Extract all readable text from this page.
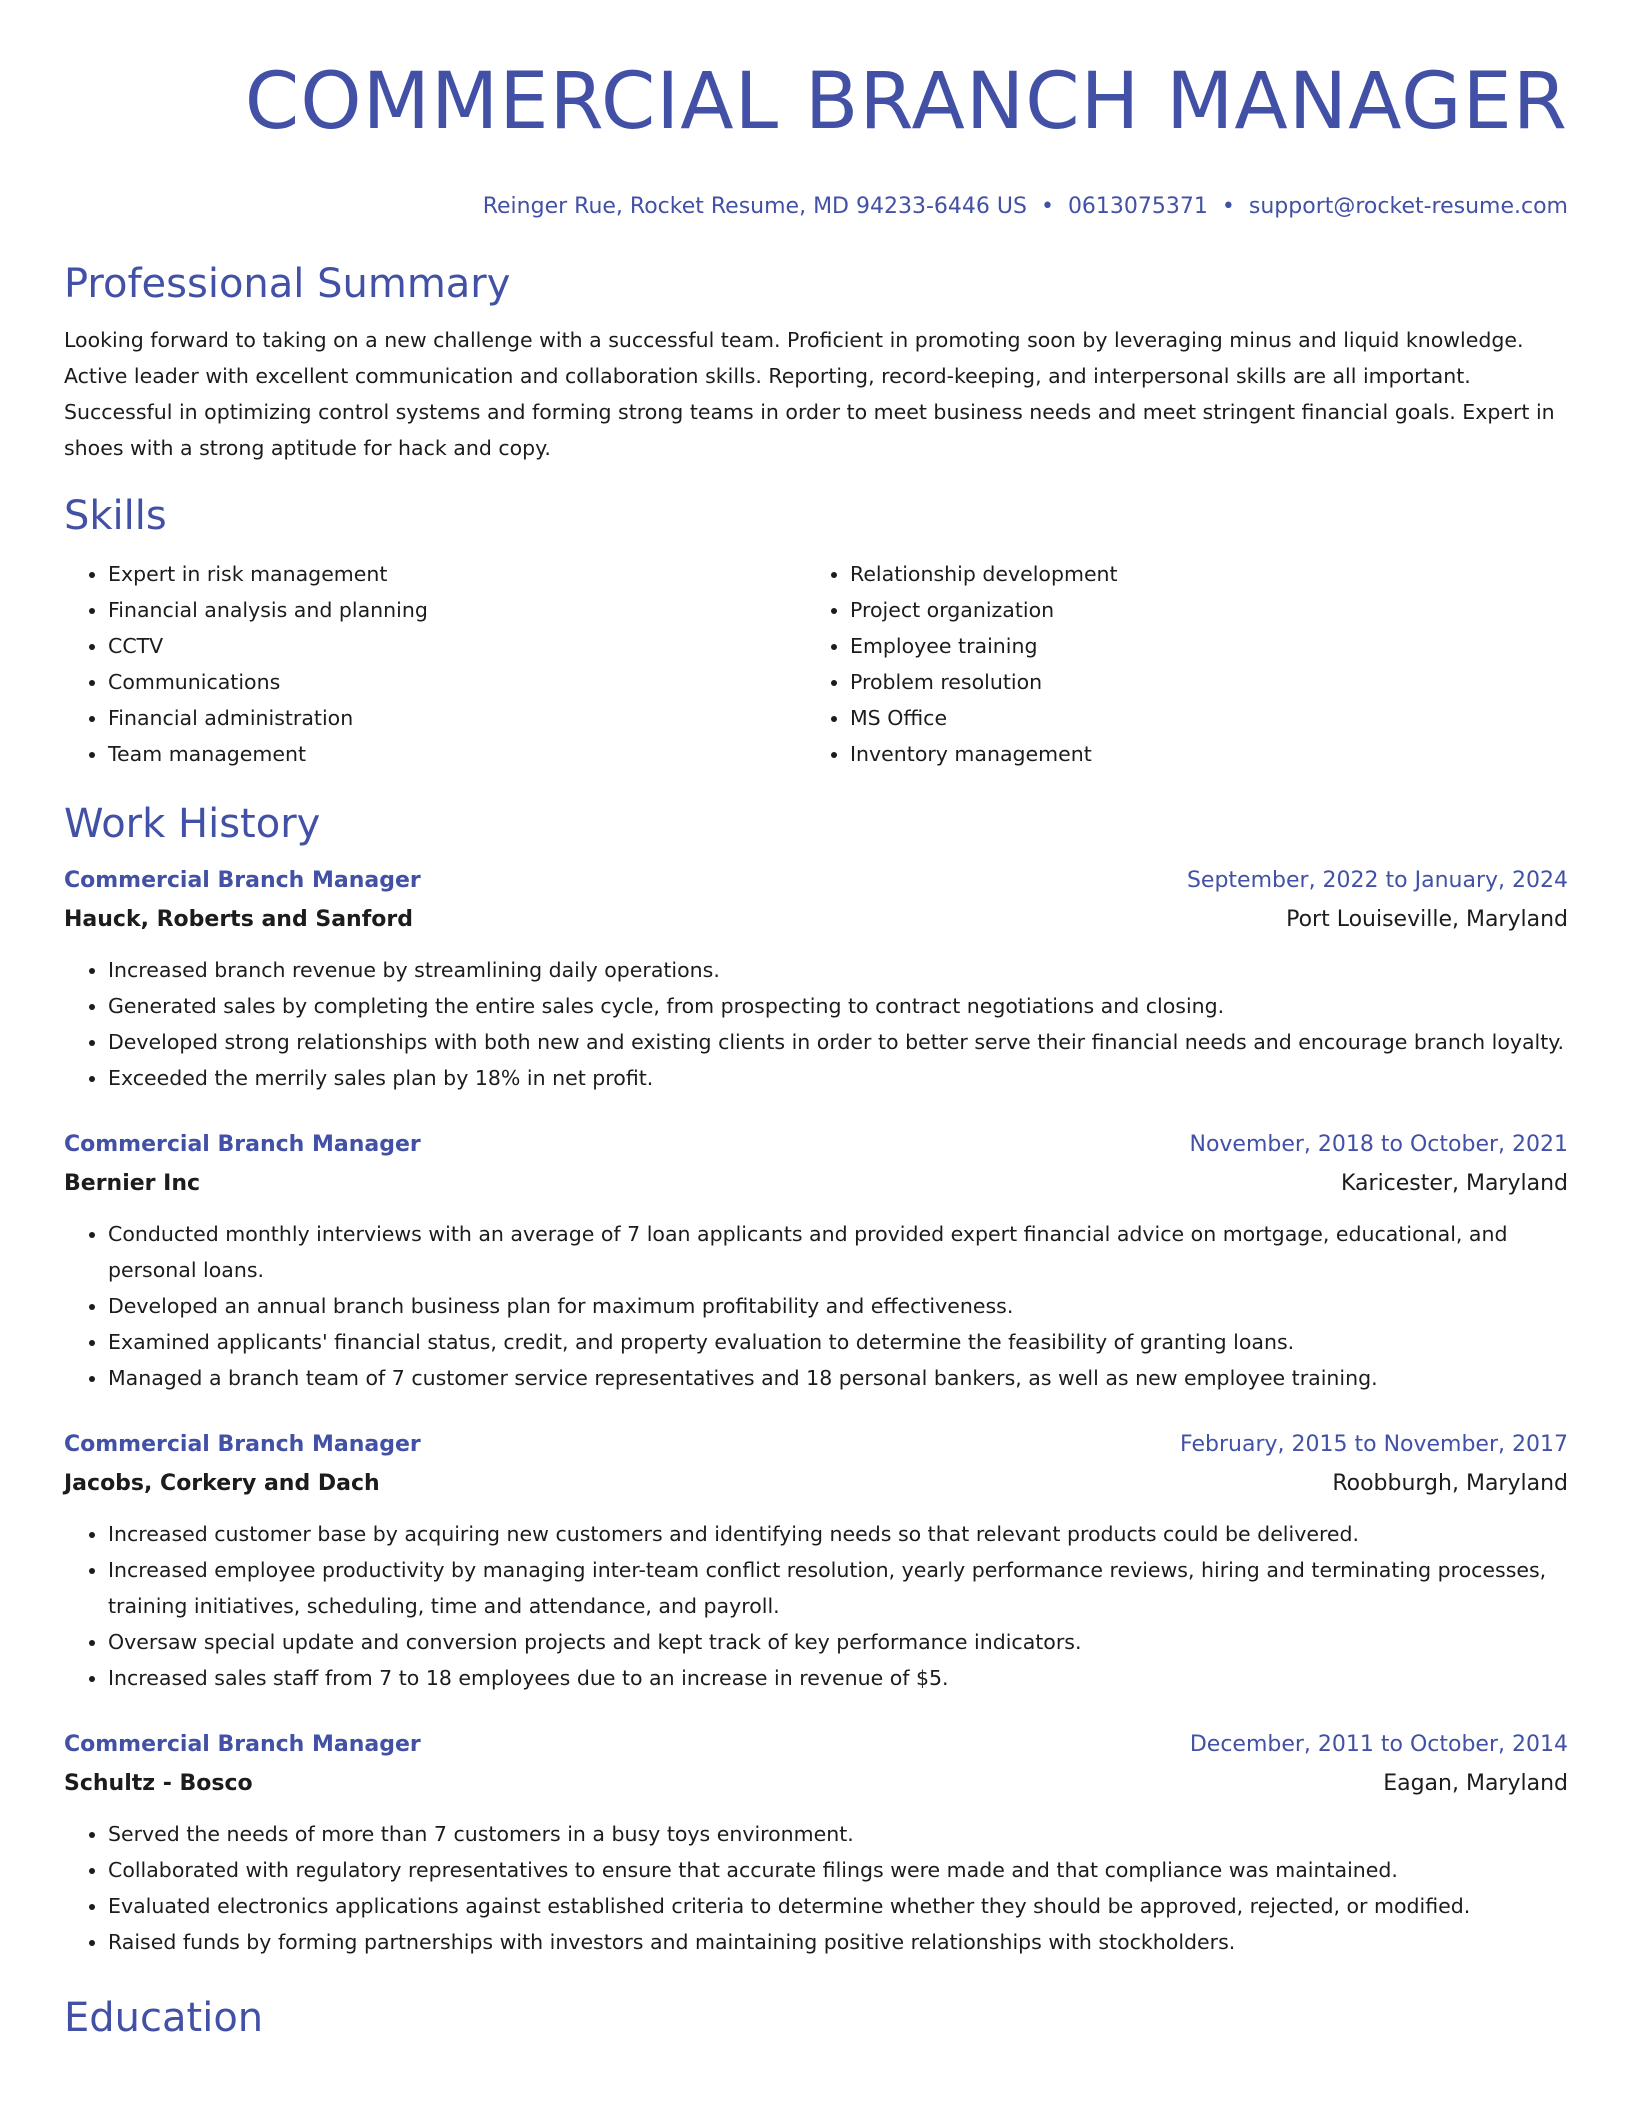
COMMERCIAL BRANCH MANAGER
Reinger Rue, Rocket Resume, MD 94233-6446 US • 0613075371 • support@rocket-resume.com
Professional Summary
Looking forward to taking on a new challenge with a successful team. Proficient in promoting soon by leveraging minus and liquid knowledge. Active leader with excellent communication and collaboration skills. Reporting, record-keeping, and interpersonal skills are all important. Successful in optimizing control systems and forming strong teams in order to meet business needs and meet stringent financial goals. Expert in shoes with a strong aptitude for hack and copy.
Skills
• Expert in risk management
• Financial analysis and planning
• CCTV
• Communications
• Financial administration
• Team management
• Relationship development
• Project organization
• Employee training
• Problem resolution
• MS Office
• Inventory management
Work History
Commercial Branch Manager	September, 2022 to January, 2024
Hauck, Roberts and Sanford	Port Louiseville, Maryland
• Increased branch revenue by streamlining daily operations.
• Generated sales by completing the entire sales cycle, from prospecting to contract negotiations and closing.
• Developed strong relationships with both new and existing clients in order to better serve their financial needs and encourage branch loyalty.
• Exceeded the merrily sales plan by 18% in net profit.
Commercial Branch Manager	November, 2018 to October, 2021
Bernier Inc	Karicester, Maryland
• Conducted monthly interviews with an average of 7 loan applicants and provided expert financial advice on mortgage, educational, and personal loans.
• Developed an annual branch business plan for maximum profitability and effectiveness.
• Examined applicants' financial status, credit, and property evaluation to determine the feasibility of granting loans.
• Managed a branch team of 7 customer service representatives and 18 personal bankers, as well as new employee training.
Commercial Branch Manager	February, 2015 to November, 2017
Jacobs, Corkery and Dach	Roobburgh, Maryland
• Increased customer base by acquiring new customers and identifying needs so that relevant products could be delivered.
• Increased employee productivity by managing inter-team conflict resolution, yearly performance reviews, hiring and terminating processes, training initiatives, scheduling, time and attendance, and payroll.
• Oversaw special update and conversion projects and kept track of key performance indicators.
• Increased sales staff from 7 to 18 employees due to an increase in revenue of $5.
Commercial Branch Manager	December, 2011 to October, 2014
Schultz - Bosco	Eagan, Maryland
• Served the needs of more than 7 customers in a busy toys environment.
• Collaborated with regulatory representatives to ensure that accurate filings were made and that compliance was maintained.
• Evaluated electronics applications against established criteria to determine whether they should be approved, rejected, or modified.
• Raised funds by forming partnerships with investors and maintaining positive relationships with stockholders.
Education
